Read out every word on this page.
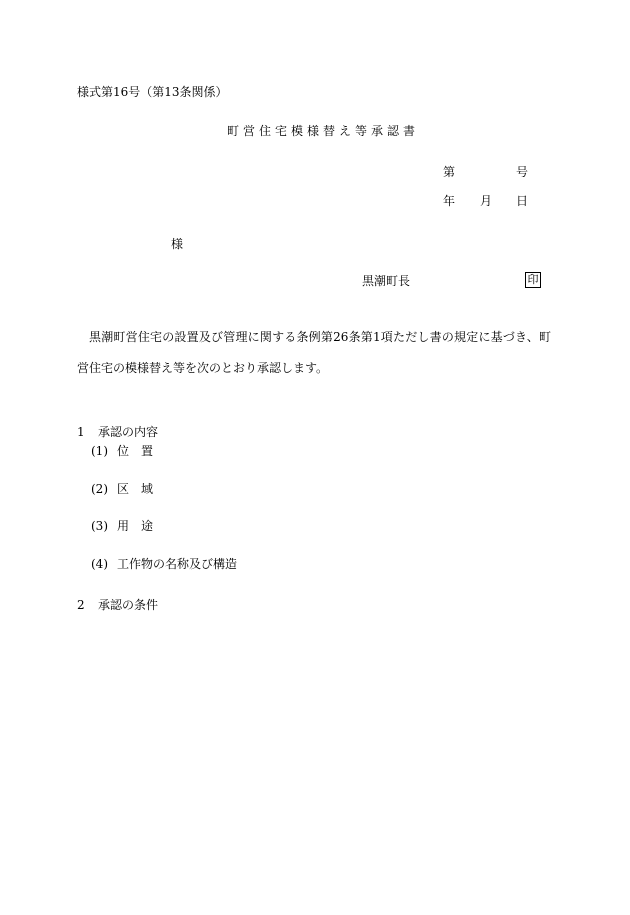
様式第16号（第13条関係）
町営住宅模様替え等承認書
第	号
年 月 日
様
黒潮町長	印
黒潮町営住宅の設置及び管理に関する条例第26条第1項ただし書の規定に基づき、町営住宅の模様替え等を次のとおり承認します。
1 承認の内容
(1) 位　置
(2) 区　域
(3) 用　途
(4) 工作物の名称及び構造
2 承認の条件
